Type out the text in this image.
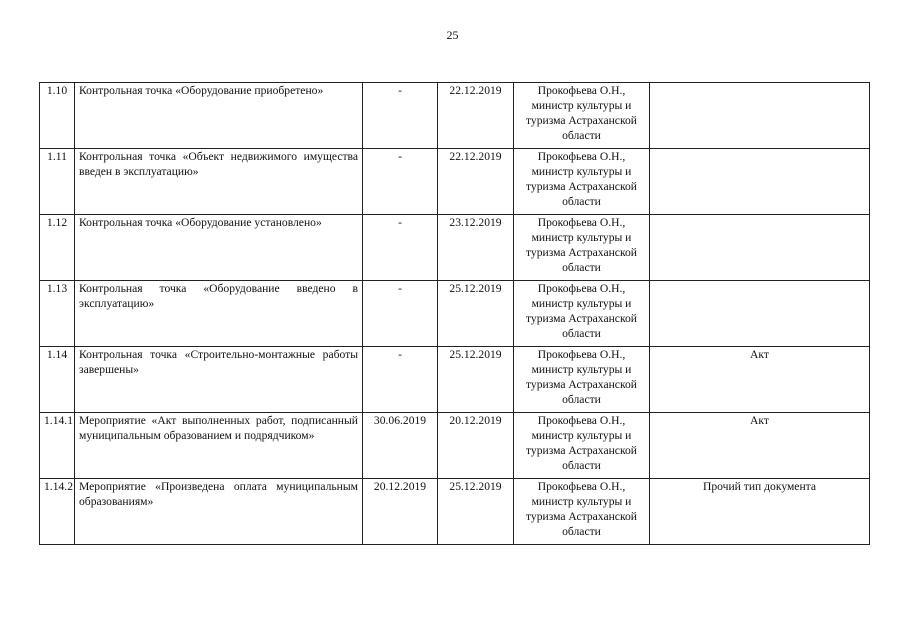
25
1.10	Контрольная точка «Оборудование приобретено»	-	22.12.2019	Прокофьева О.Н., министр культуры и туризма Астраханской области	
1.11	Контрольная точка «Объект недвижимого имущества введен в эксплуатацию»	-	22.12.2019	Прокофьева О.Н., министр культуры и туризма Астраханской области	
1.12	Контрольная точка «Оборудование установлено»	-	23.12.2019	Прокофьева О.Н., министр культуры и туризма Астраханской области	
1.13	Контрольная точка «Оборудование введено в эксплуатацию»	-	25.12.2019	Прокофьева О.Н., министр культуры и туризма Астраханской области	
1.14	Контрольная точка «Строительно-монтажные работы завершены»	-	25.12.2019	Прокофьева О.Н., министр культуры и туризма Астраханской области	Акт
1.14.1	Мероприятие «Акт выполненных работ, подписанный муниципальным образованием и подрядчиком»	30.06.2019	20.12.2019	Прокофьева О.Н., министр культуры и туризма Астраханской области	Акт
1.14.2	Мероприятие «Произведена оплата муниципальным образованиям»	20.12.2019	25.12.2019	Прокофьева О.Н., министр культуры и туризма Астраханской области	Прочий тип документа
